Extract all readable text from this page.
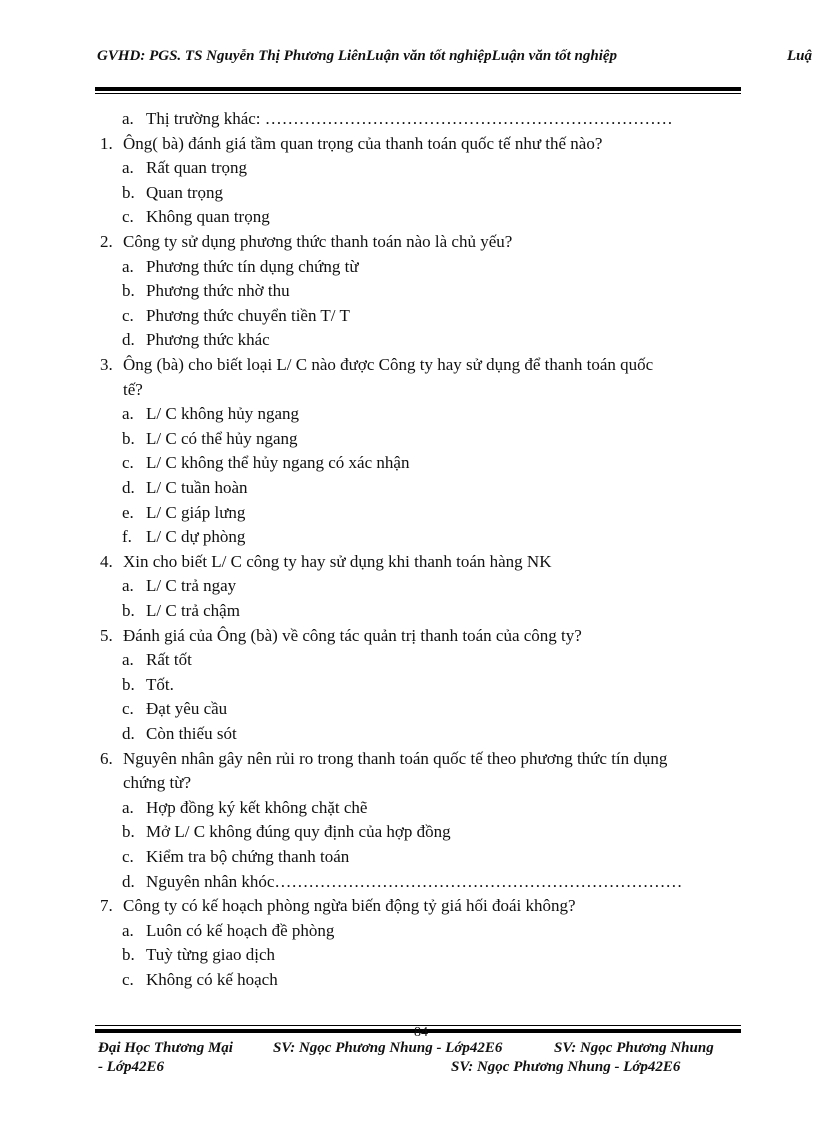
GVHD: PGS. TS Nguyễn Thị Phương LiênLuận văn tốt nghiệpLuận văn tốt nghiệp	Luậ
a. Thị trường khác: ………………………………………………………………
1. Ông( bà) đánh giá tầm quan trọng của thanh toán quốc tế như thế nào?
a. Rất quan trọng
b. Quan trọng
c. Không quan trọng
2. Công ty sử dụng phương thức thanh toán nào là chủ yếu?
a. Phương thức tín dụng chứng từ
b. Phương thức nhờ thu
c. Phương thức chuyển tiền T/ T
d. Phương thức khác
3. Ông (bà) cho biết loại L/ C nào được Công ty hay sử dụng để thanh toán quốc
tế?
a. L/ C không hủy ngang
b. L/ C có thể hủy ngang
c. L/ C không thể hủy ngang có xác nhận
d. L/ C tuần hoàn
e. L/ C giáp lưng
f. L/ C dự phòng
4. Xin cho biết L/ C công ty hay sử dụng khi thanh toán hàng NK
a. L/ C trả ngay
b. L/ C trả chậm
5. Đánh giá của Ông (bà) về công tác quản trị thanh toán của công ty?
a. Rất tốt
b. Tốt.
c. Đạt yêu cầu
d. Còn thiếu sót
6. Nguyên nhân gây nên rủi ro trong thanh toán quốc tế theo phương thức tín dụng
chứng từ?
a. Hợp đồng ký kết không chặt chẽ
b. Mở L/ C không đúng quy định của hợp đồng
c. Kiểm tra bộ chứng thanh toán
d. Nguyên nhân khóc………………………………………………………………
7. Công ty có kế hoạch phòng ngừa biến động tỷ giá hối đoái không?
a. Luôn có kế hoạch đề phòng
b. Tuỳ từng giao dịch
c. Không có kế hoạch
84
Đại Học Thương Mại	SV: Ngọc Phương Nhung - Lớp42E6	SV: Ngọc Phương Nhung
- Lớp42E6	SV: Ngọc Phương Nhung - Lớp42E6
